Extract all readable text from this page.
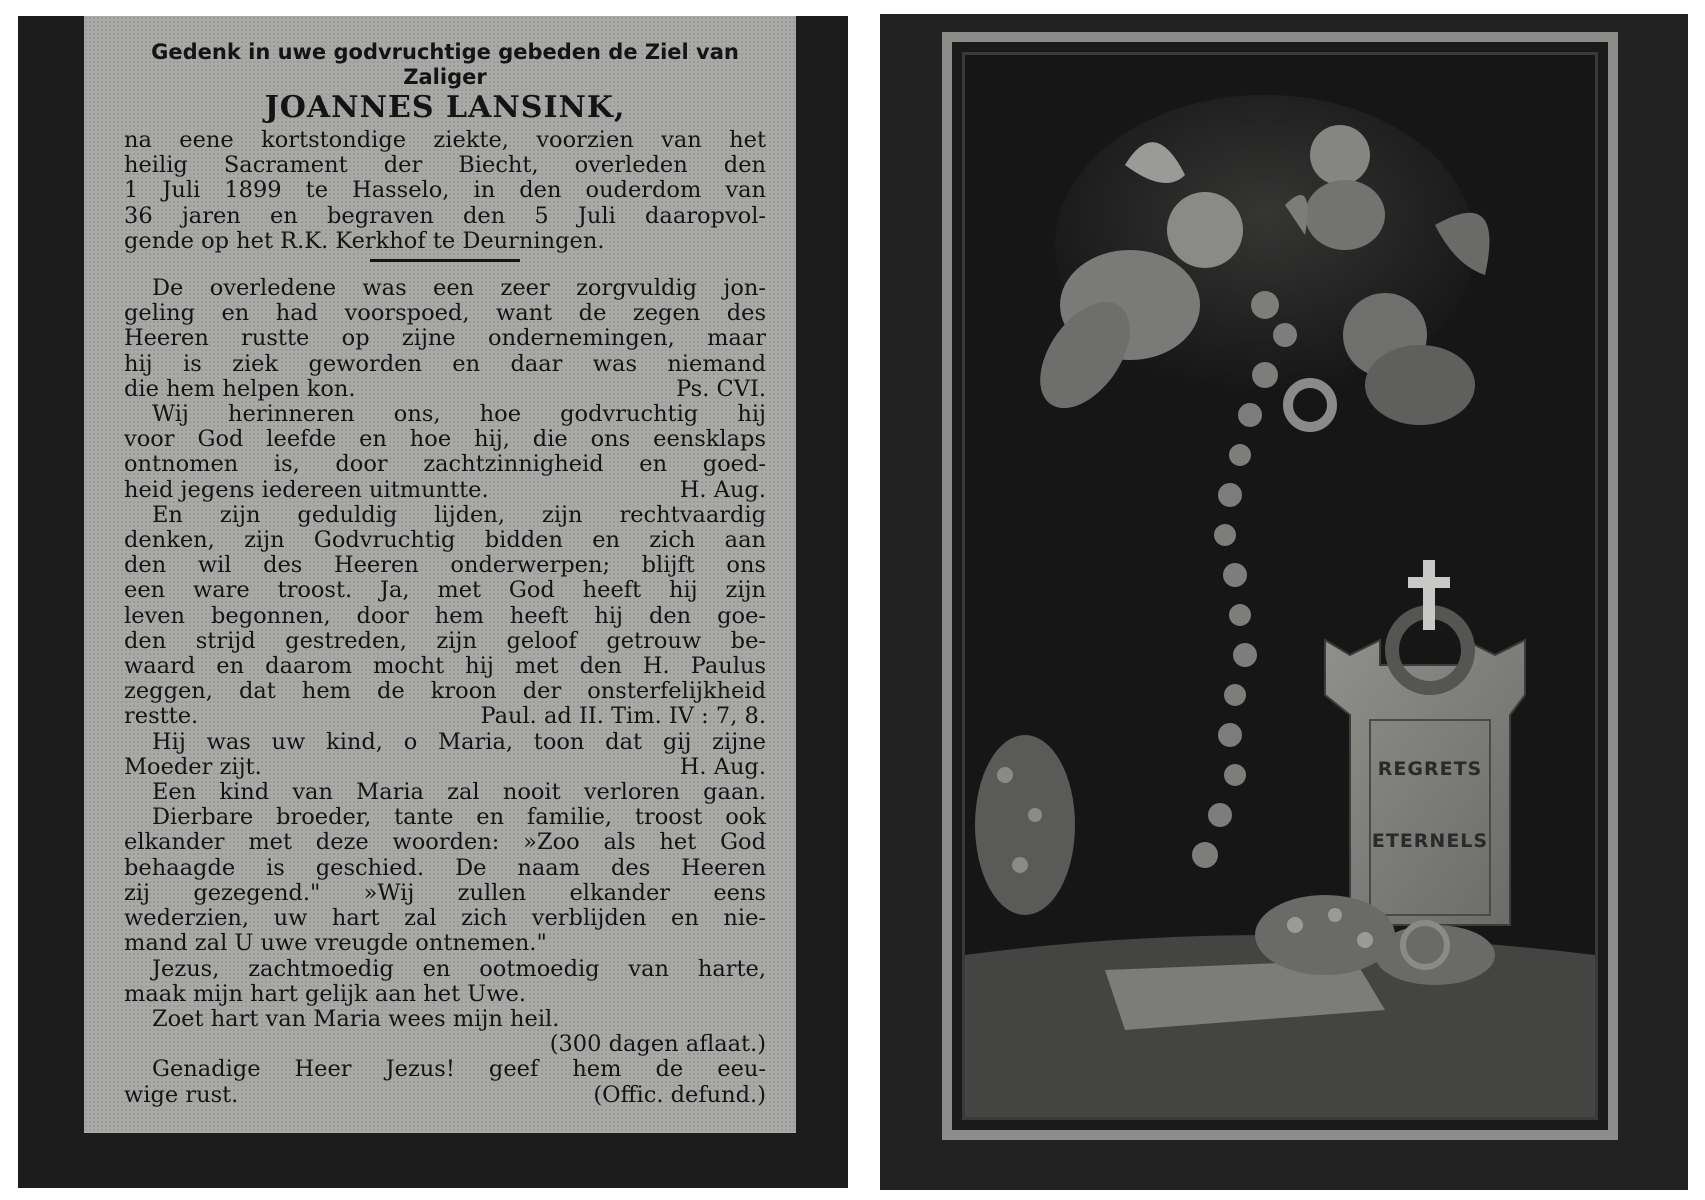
Gedenk in uwe godvruchtige gebeden de Ziel van

Zaliger

JOANNES LANSINK,

na eene kortstondige ziekte, voorzien van het

heilig Sacrament der Biecht, overleden den

1 Juli 1899 te Hasselo, in den ouderdom van

36 jaren en begraven den 5 Juli daaropvol-

gende op het R.K. Kerkhof te Deurningen.

De overledene was een zeer zorgvuldig jon-

geling en had voorspoed, want de zegen des

Heeren rustte op zijne ondernemingen, maar

hij is ziek geworden en daar was niemand

die hem helpen kon.	Ps. CVI.

Wij herinneren ons, hoe godvruchtig hij

voor God leefde en hoe hij, die ons eensklaps

ontnomen is, door zachtzinnigheid en goed-

heid jegens iedereen uitmuntte.	H. Aug.

En zijn geduldig lijden, zijn rechtvaardig

denken, zijn Godvruchtig bidden en zich aan

den wil des Heeren onderwerpen; blijft ons

een ware troost. Ja, met God heeft hij zijn

leven begonnen, door hem heeft hij den goe-

den strijd gestreden, zijn geloof getrouw be-

waard en daarom mocht hij met den H. Paulus

zeggen, dat hem de kroon der onsterfelijkheid

restte.	Paul. ad II. Tim. IV : 7, 8.

Hij was uw kind, o Maria, toon dat gij zijne

Moeder zijt.	H. Aug.

Een kind van Maria zal nooit verloren gaan.

Dierbare broeder, tante en familie, troost ook

elkander met deze woorden: »Zoo als het God

behaagde is geschied. De naam des Heeren

zij gezegend." »Wij zullen elkander eens

wederzien, uw hart zal zich verblijden en nie-

mand zal U uwe vreugde ontnemen."

Jezus, zachtmoedig en ootmoedig van harte,

maak mijn hart gelijk aan het Uwe.

Zoet hart van Maria wees mijn heil.

(300 dagen aflaat.)

Genadige Heer Jezus! geef hem de eeu-

wige rust.	(Offic. defund.)
REGRETS
ETERNELS
